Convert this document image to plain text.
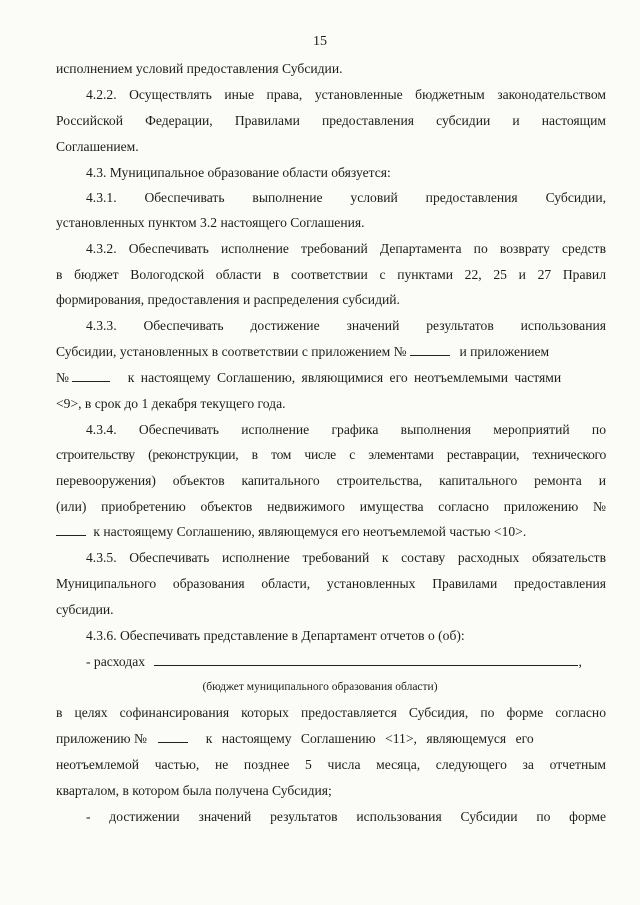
15
исполнением условий предоставления Субсидии.
4.2.2. Осуществлять иные права, установленные бюджетным законодательством
Российской Федерации, Правилами предоставления субсидии и настоящим
Соглашением.
4.3. Муниципальное образование области обязуется:
4.3.1. Обеспечивать выполнение условий предоставления Субсидии,
установленных пунктом 3.2 настоящего Соглашения.
4.3.2. Обеспечивать исполнение требований Департамента по возврату средств
в бюджет Вологодской области в соответствии с пунктами 22, 25 и 27 Правил
формирования, предоставления и распределения субсидий.
4.3.3. Обеспечивать достижение значений результатов использования
Субсидии, установленных в соответствии с приложением №	и приложением
№	к настоящему Соглашению, являющимися его неотъемлемыми частями
<9>, в срок до 1 декабря текущего года.
4.3.4. Обеспечивать исполнение графика выполнения мероприятий по
строительству (реконструкции, в том числе с элементами реставрации, технического
перевооружения) объектов капитального строительства, капитального ремонта и
(или) приобретению объектов недвижимого имущества согласно приложению №
к настоящему Соглашению, являющемуся его неотъемлемой частью <10>.
4.3.5. Обеспечивать исполнение требований к составу расходных обязательств
Муниципального образования области, установленных Правилами предоставления
субсидии.
4.3.6. Обеспечивать представление в Департамент отчетов о (об):
- расходах	,
(бюджет муниципального образования области)
в целях софинансирования которых предоставляется Субсидия, по форме согласно
приложению №	к настоящему Соглашению <11>, являющемуся его
неотъемлемой частью, не позднее 5 числа месяца, следующего за отчетным
кварталом, в котором была получена Субсидия;
- достижении значений результатов использования Субсидии по форме
